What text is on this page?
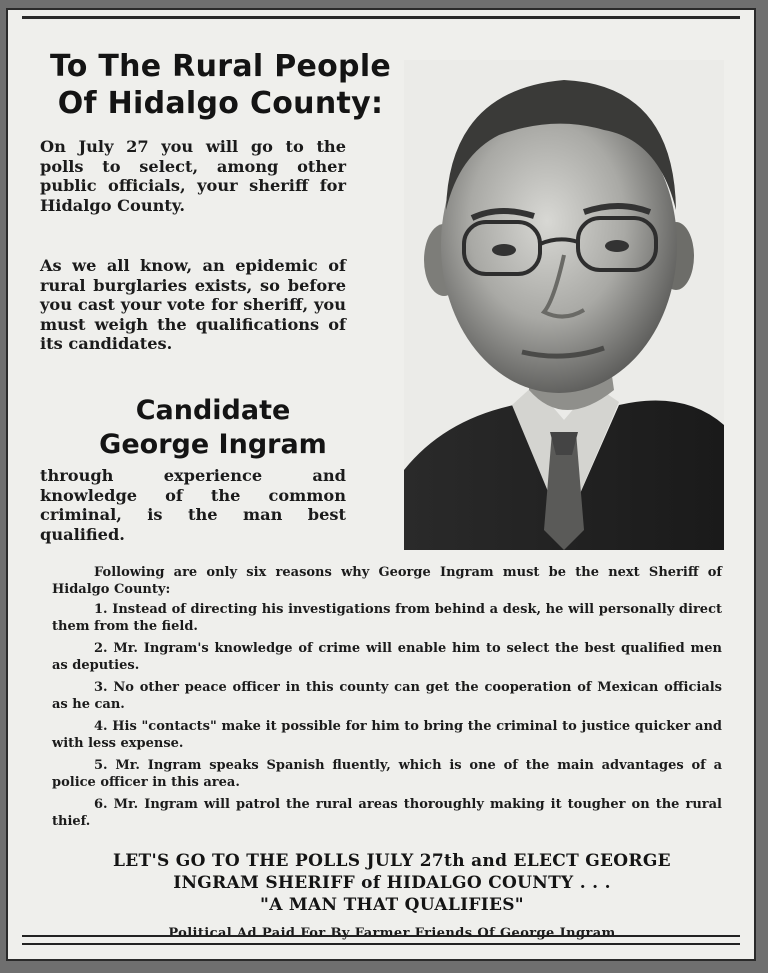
To The Rural People
Of Hidalgo County:

On July 27 you will go to the polls to select, among other public officials, your sheriff for Hidalgo County.

As we all know, an epidemic of rural burglaries exists, so before you cast your vote for sheriff, you must weigh the qualifications of its candidates.

Candidate
George Ingram

through experience and knowledge of the common criminal, is the man best qualified.

Following are only six reasons why George Ingram must be the next Sheriff of Hidalgo County:

1. Instead of directing his investigations from behind a desk, he will personally direct them from the field.
2. Mr. Ingram's knowledge of crime will enable him to select the best qualified men as deputies.
3. No other peace officer in this county can get the cooperation of Mexican officials as he can.
4. His "contacts" make it possible for him to bring the criminal to justice quicker and with less expense.
5. Mr. Ingram speaks Spanish fluently, which is one of the main advantages of a police officer in this area.
6. Mr. Ingram will patrol the rural areas thoroughly making it tougher on the rural thief.
LET'S GO TO THE POLLS JULY 27th and ELECT GEORGE
INGRAM SHERIFF of HIDALGO COUNTY . . .
"A MAN THAT QUALIFIES"
Political Ad Paid For By Farmer Friends Of George Ingram
